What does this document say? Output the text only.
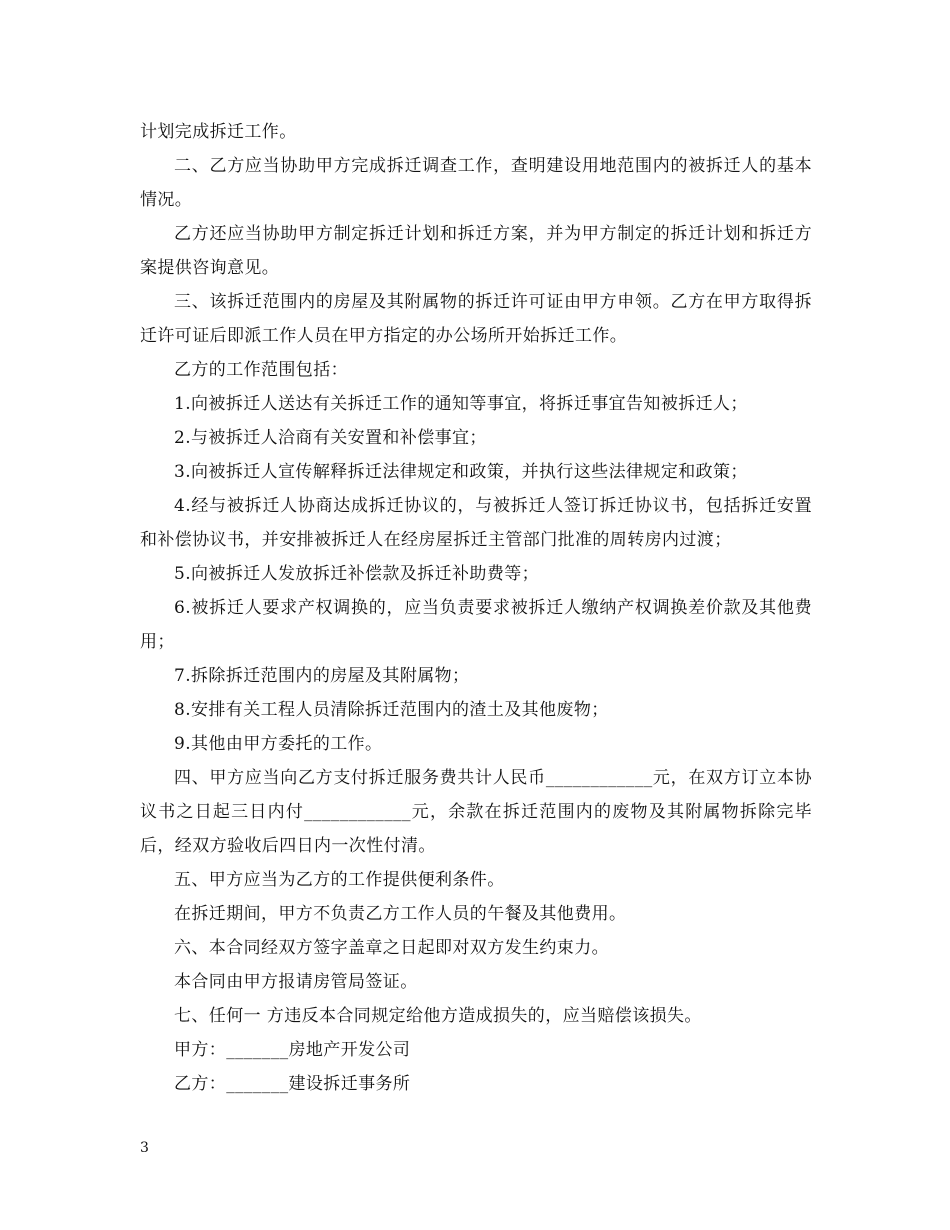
计划完成拆迁工作。

二、乙方应当协助甲方完成拆迁调查工作，查明建设用地范围内的被拆迁人的基本情况。

乙方还应当协助甲方制定拆迁计划和拆迁方案，并为甲方制定的拆迁计划和拆迁方案提供咨询意见。

三、该拆迁范围内的房屋及其附属物的拆迁许可证由甲方申领。乙方在甲方取得拆迁许可证后即派工作人员在甲方指定的办公场所开始拆迁工作。

乙方的工作范围包括：

1.向被拆迁人送达有关拆迁工作的通知等事宜，将拆迁事宜告知被拆迁人；

2.与被拆迁人洽商有关安置和补偿事宜；

3.向被拆迁人宣传解释拆迁法律规定和政策，并执行这些法律规定和政策；

4.经与被拆迁人协商达成拆迁协议的，与被拆迁人签订拆迁协议书，包括拆迁安置和补偿协议书，并安排被拆迁人在经房屋拆迁主管部门批准的周转房内过渡；

5.向被拆迁人发放拆迁补偿款及拆迁补助费等；

6.被拆迁人要求产权调换的，应当负责要求被拆迁人缴纳产权调换差价款及其他费用；

7.拆除拆迁范围内的房屋及其附属物；

8.安排有关工程人员清除拆迁范围内的渣土及其他废物；

9.其他由甲方委托的工作。

四、甲方应当向乙方支付拆迁服务费共计人民币____________元，在双方订立本协议书之日起三日内付____________元，余款在拆迁范围内的废物及其附属物拆除完毕后，经双方验收后四日内一次性付清。

五、甲方应当为乙方的工作提供便利条件。

在拆迁期间，甲方不负责乙方工作人员的午餐及其他费用。

六、本合同经双方签字盖章之日起即对双方发生约束力。

本合同由甲方报请房管局签证。

七、任何一 方违反本合同规定给他方造成损失的，应当赔偿该损失。

甲方：_______房地产开发公司

乙方：_______建设拆迁事务所

3
